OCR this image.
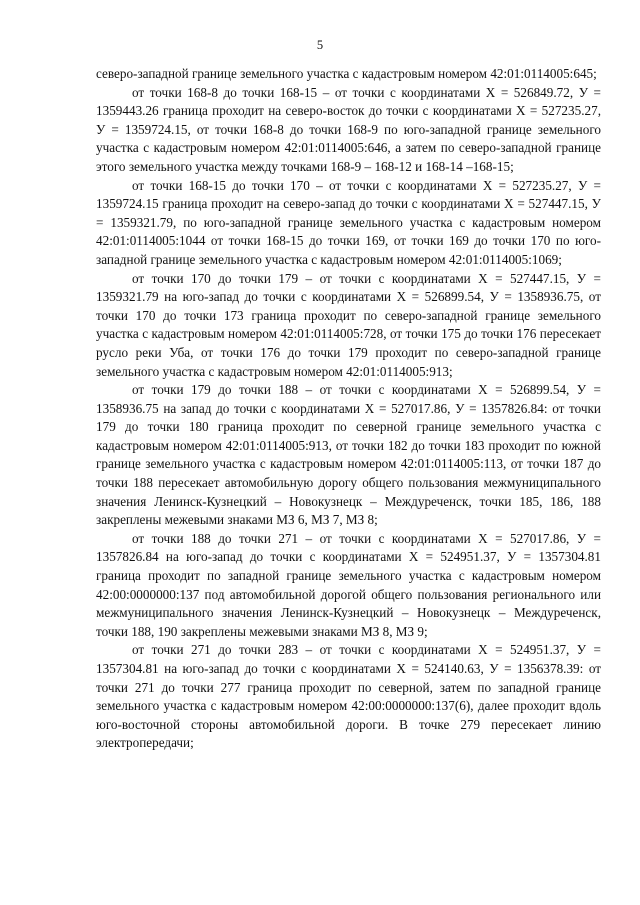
5

северо-западной границе земельного участка с кадастровым номером 42:01:0114005:645;

от точки 168-8 до точки 168-15 – от точки с координатами Х = 526849.72, У = 1359443.26 граница проходит на северо-восток до точки с координатами Х = 527235.27, У = 1359724.15, от точки 168-8 до точки 168-9 по юго-западной границе земельного участка с кадастровым номером 42:01:0114005:646, а затем по северо-западной границе этого земельного участка между точками 168-9 – 168-12 и 168-14 –168-15;

от точки 168-15 до точки 170 – от точки с координатами Х = 527235.27, У = 1359724.15 граница проходит на северо-запад до точки с координатами Х = 527447.15, У = 1359321.79, по юго-западной границе земельного участка с кадастровым номером 42:01:0114005:1044 от точки 168-15 до точки 169, от точки 169 до точки 170 по юго-западной границе земельного участка с кадастровым номером 42:01:0114005:1069;

от точки 170 до точки 179 – от точки с координатами Х = 527447.15, У = 1359321.79 на юго-запад до точки с координатами Х = 526899.54, У = 1358936.75, от точки 170 до точки 173 граница проходит по северо-западной границе земельного участка с кадастровым номером 42:01:0114005:728, от точки 175 до точки 176 пересекает русло реки Уба, от точки 176 до точки 179 проходит по северо-западной границе земельного участка с кадастровым номером 42:01:0114005:913;

от точки 179 до точки 188 – от точки с координатами Х = 526899.54, У = 1358936.75 на запад до точки с координатами Х = 527017.86, У = 1357826.84: от точки 179 до точки 180 граница проходит по северной границе земельного участка с кадастровым номером 42:01:0114005:913, от точки 182 до точки 183 проходит по южной границе земельного участка с кадастровым номером 42:01:0114005:113, от точки 187 до точки 188 пересекает автомобильную дорогу общего пользования межмуниципального значения Ленинск-Кузнецкий – Новокузнецк – Междуреченск, точки 185, 186, 188 закреплены межевыми знаками МЗ 6, МЗ 7, МЗ 8;

от точки 188 до точки 271 – от точки с координатами Х = 527017.86, У = 1357826.84 на юго-запад до точки с координатами Х = 524951.37, У = 1357304.81 граница проходит по западной границе земельного участка с кадастровым номером 42:00:0000000:137 под автомобильной дорогой общего пользования регионального или межмуниципального значения Ленинск-Кузнецкий – Новокузнецк – Междуреченск, точки 188, 190 закреплены межевыми знаками МЗ 8, МЗ 9;

от точки 271 до точки 283 – от точки с координатами Х = 524951.37, У = 1357304.81 на юго-запад до точки с координатами Х = 524140.63, У = 1356378.39: от точки 271 до точки 277 граница проходит по северной, затем по западной границе земельного участка с кадастровым номером 42:00:0000000:137(6), далее проходит вдоль юго-восточной стороны автомобильной дороги. В точке 279 пересекает линию электропередачи;
